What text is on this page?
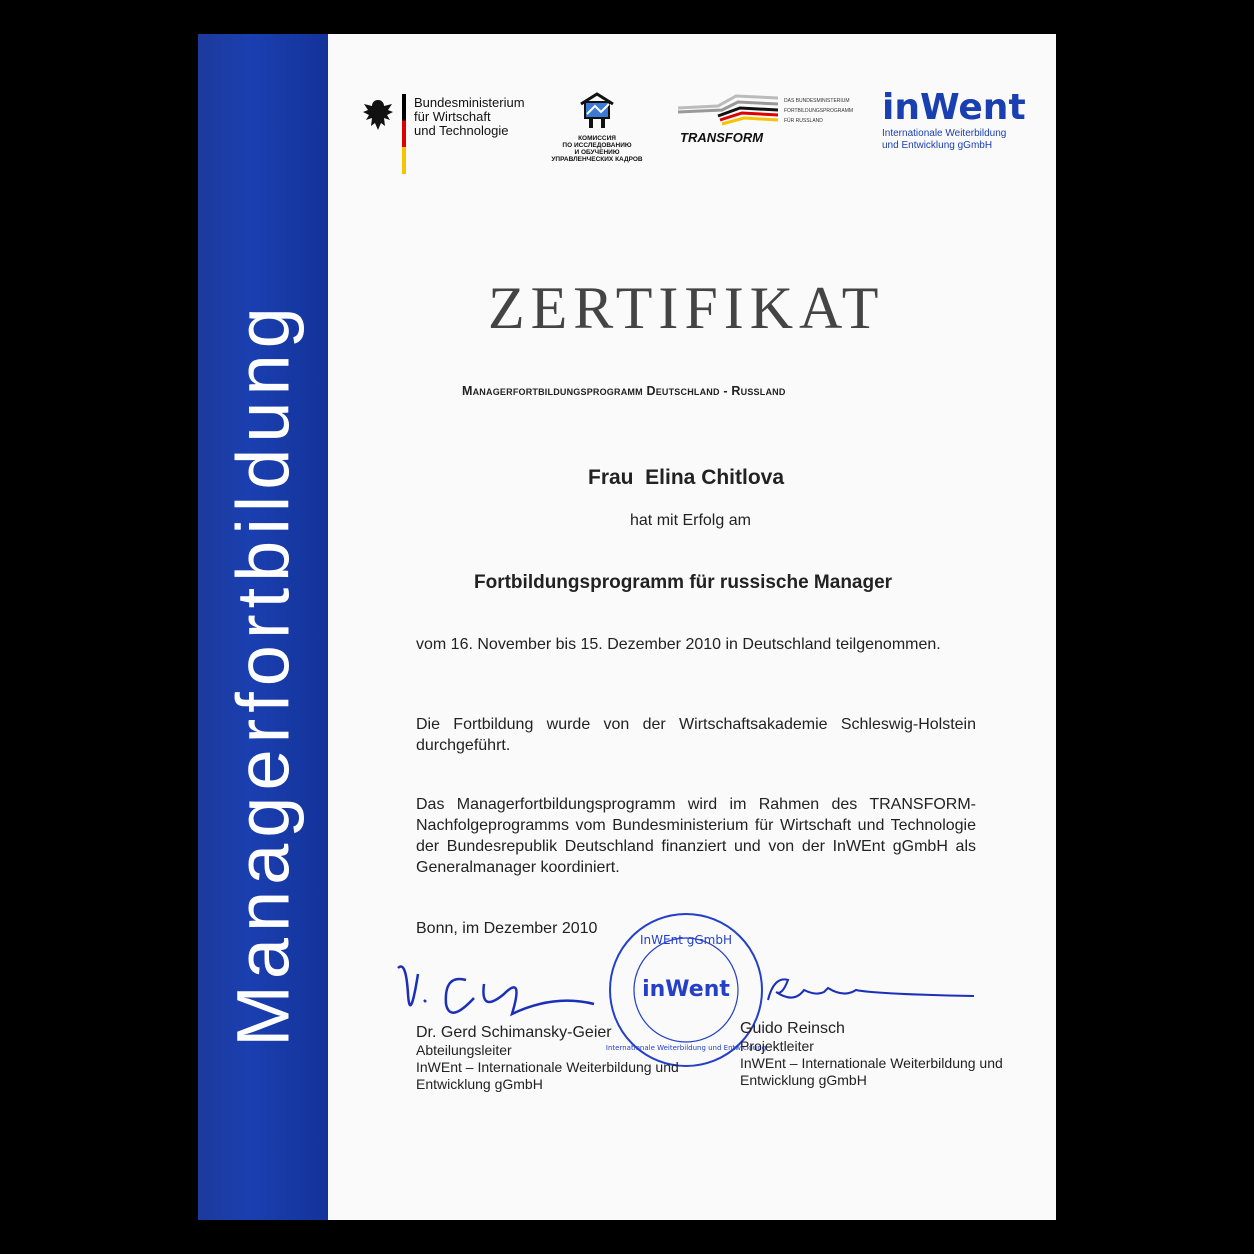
Managerfortbildung
Bundesministerium
für Wirtschaft
und Technologie
КОМИССИЯ
ПО ИССЛЕДОВАНИЮ
И ОБУЧЕНИЮ
УПРАВЛЕНЧЕСКИХ КАДРОВ
TRANSFORM
DAS BUNDESMINISTERIUM
FORTBILDUNGSPROGRAMM
FÜR RUSSLAND	inWent
Internationale Weiterbildung
und Entwicklung gGmbH
ZERTIFIKAT
Managerfortbildungsprogramm Deutschland - Russland
Frau  Elina Chitlova
hat mit Erfolg am
Fortbildungsprogramm für russische Manager
vom 16. November bis 15. Dezember 2010 in Deutschland teilgenommen.
Die Fortbildung wurde von der Wirtschaftsakademie Schleswig-Holstein durchgeführt.
Das Managerfortbildungsprogramm wird im Rahmen des TRANSFORM-Nachfolgeprogramms vom Bundesministerium für Wirtschaft und Technologie der Bundesrepublik Deutschland finanziert und von der InWEnt gGmbH als Generalmanager koordiniert.
Bonn, im Dezember 2010
InWEnt gGmbH
inWent
Internationale Weiterbildung und Entwicklung
Dr. Gerd Schimansky-Geier
Abteilungsleiter
InWEnt – Internationale Weiterbildung und Entwicklung gGmbH
Guido Reinsch
Projektleiter
InWEnt – Internationale Weiterbildung und Entwicklung gGmbH
